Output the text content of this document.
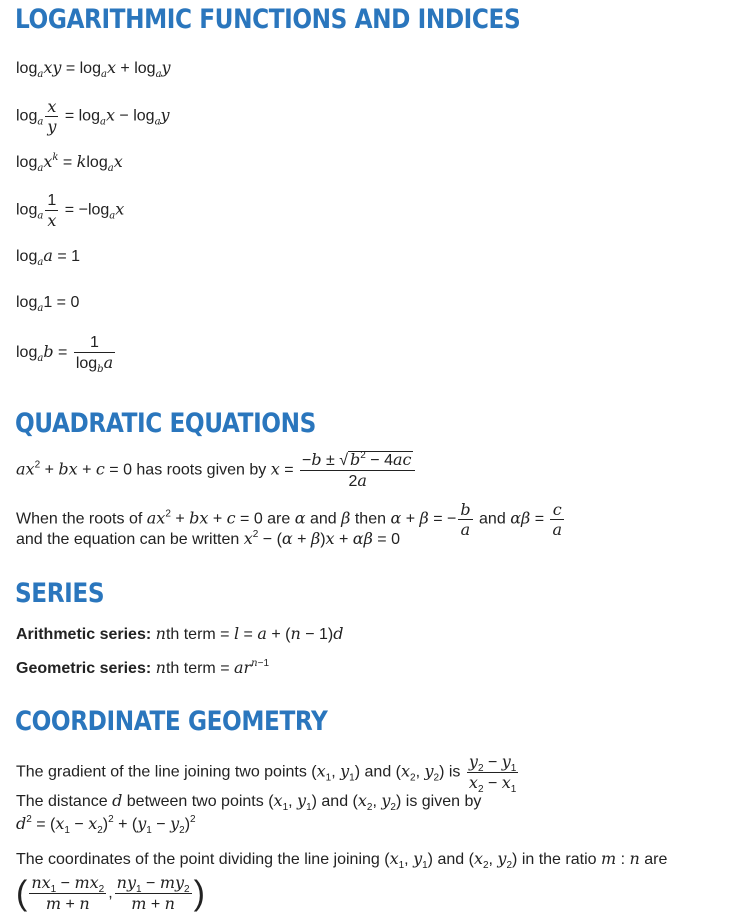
LOGARITHMIC FUNCTIONS AND INDICES
$\log_axy = \log_ax + \log_ay$
$\log_a \frac{x}{y} = \log_ax - \log_ay$
$\log_ax^k = klog_ax$
$\log_a \frac{1}{x} = -\log_ax$
$\log_aa = 1$
$\log_a1 = 0$
$\log_ab = \frac{1}{\log_ba}$
QUADRATIC EQUATIONS
$ax^2$ + bx + c = 0 has roots given by $x = \frac{-b \pm √ b^2 - 4ac}{2a}$
When the roots of $ax^2$ + bx + c = 0 are α and β then α + β = − $\frac{b}{a}$ and $\alpha\beta = \frac{c}{a}$
and the equation can be written $x^2 - (\alpha + \beta)x + \alpha\beta = 0$
SERIES
Arithmetic series: nth term = l = a + (n − 1)d
Geometric series: nth term = $ar^{n-1}$
COORDINATE GEOMETRY
The gradient of the line joining two points ($x_1$, $y_1$) and ($x_2$, $y_2$) is $\frac{y_2 - y_1}{x_2 - x_1}$
The distance d between two points ($x_1$, $y_1$) and ($x_2$, $y_2$) is given by
$d^2 = (x_1 - x_2)^2 + (y_1 - y_2)^2$
The coordinates of the point dividing the line joining ($x_1$, $y_1$) and ($x_2$, $y_2$) in the ratio m : n are
( $\frac{nx_1 - mx_2}{m + n}$ , $\frac{ny_1 - my_2}{m + n}$ )
